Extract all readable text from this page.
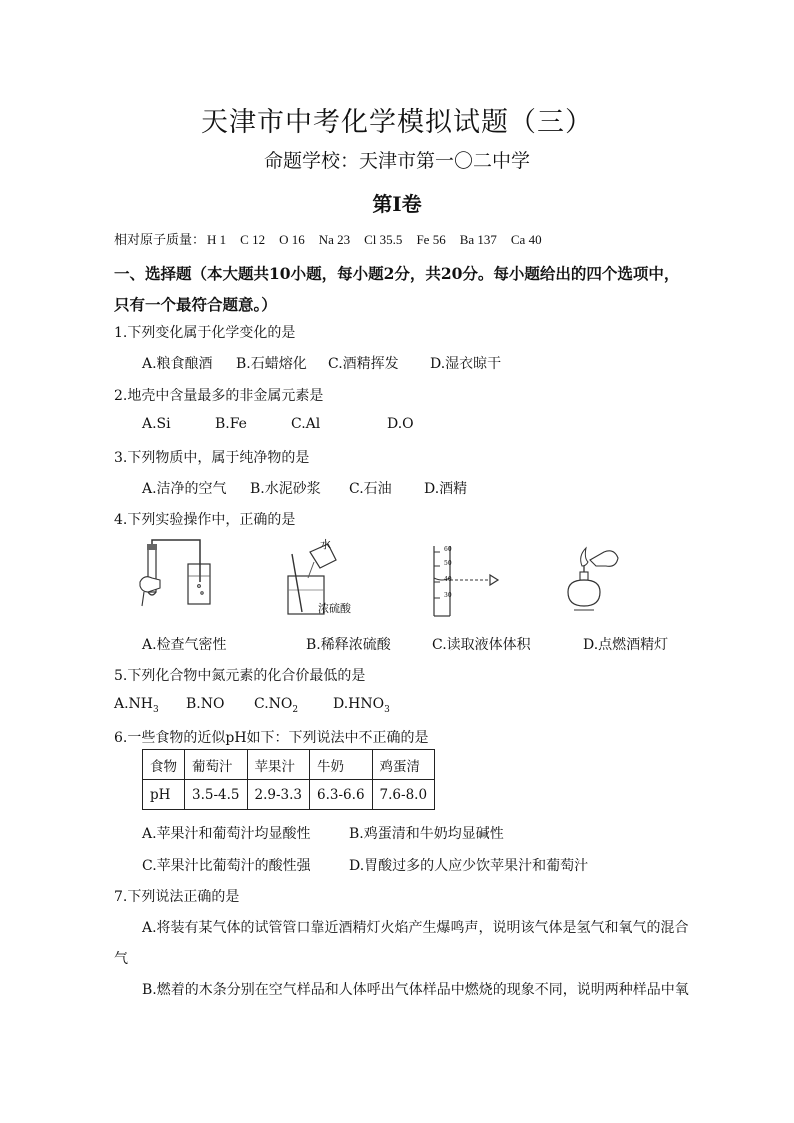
天津市中考化学模拟试题（三）
命题学校：天津市第一〇二中学
第Ⅰ卷
相对原子质量： H 1 C 12 O 16 Na 23 Cl 35.5 Fe 56 Ba 137 Ca 40
一、选择题（本大题共10小题，每小题2分，共20分。每小题给出的四个选项中，只有一个最符合题意。）
1.下列变化属于化学变化的是
A.粮食酿酒 B.石蜡熔化 C.酒精挥发 D.湿衣晾干
2.地壳中含量最多的非金属元素是
A.Si	B.Fe	C.Al	D.O
3.下列物质中，属于纯净物的是
A.洁净的空气 B.水泥砂浆 C.石油 D.酒精
4.下列实验操作中，正确的是
水
浓硫酸
60
50
40
30
A.检查气密性	B.稀释浓硫酸	C.读取液体体积	D.点燃酒精灯
5.下列化合物中氮元素的化合价最低的是
$A.NH_3$ B.NO $C.NO_2$ $D.HNO_3$
6.一些食物的近似pH如下：下列说法中不正确的是
食物	葡萄汁	苹果汁	牛奶	鸡蛋清
pH	3.5-4.5	2.9-3.3	6.3-6.6	7.6-8.0
A.苹果汁和葡萄汁均显酸性	B.鸡蛋清和牛奶均显碱性
C.苹果汁比葡萄汁的酸性强	D.胃酸过多的人应少饮苹果汁和葡萄汁
7.下列说法正确的是
A.将装有某气体的试管管口靠近酒精灯火焰产生爆鸣声，说明该气体是氢气和氧气的混合
气
B.燃着的木条分别在空气样品和人体呼出气体样品中燃烧的现象不同，说明两种样品中氧
